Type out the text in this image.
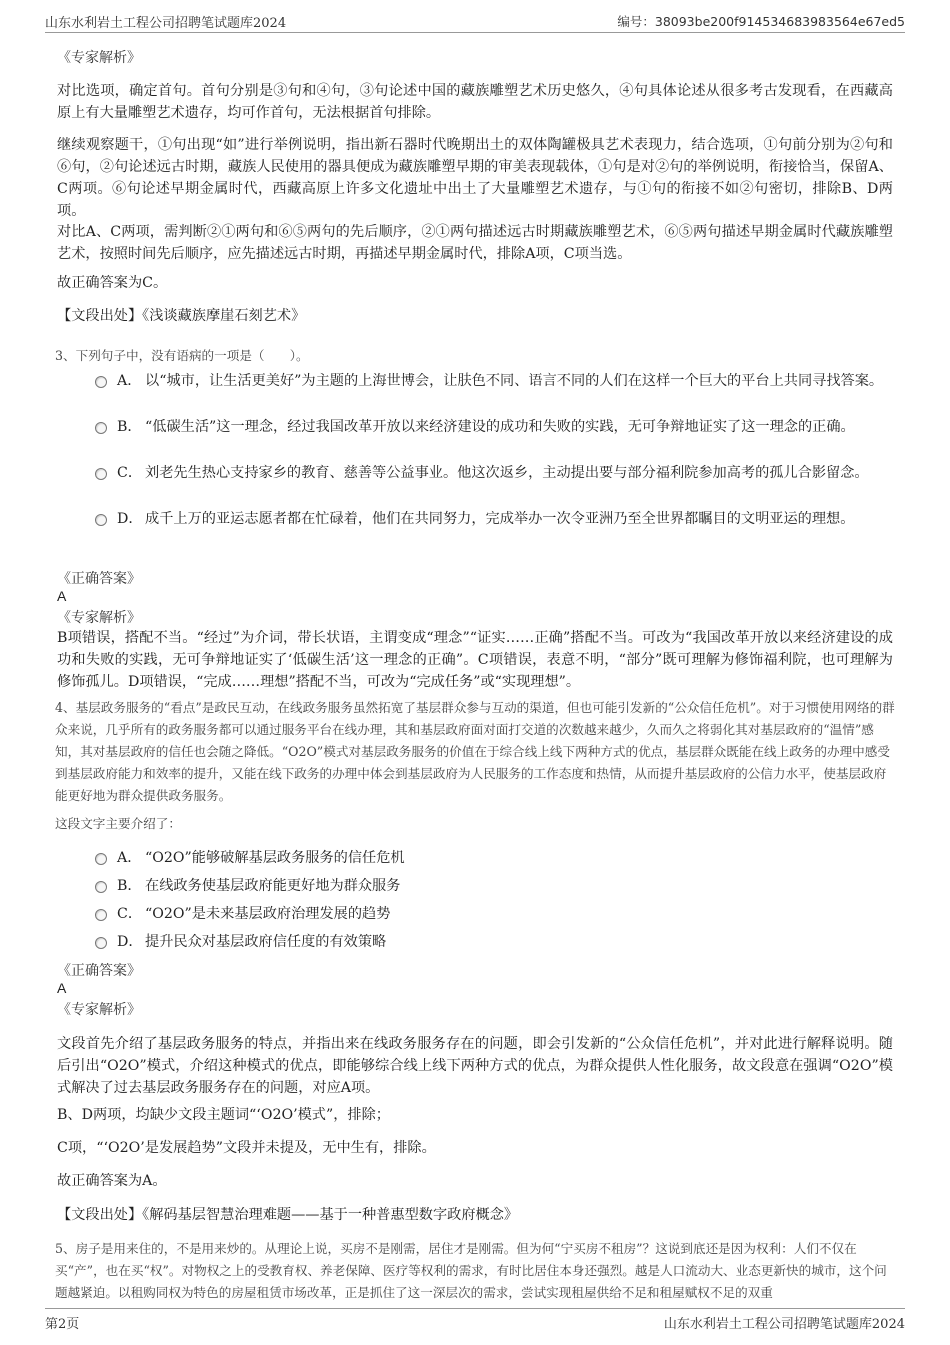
山东水利岩土工程公司招聘笔试题库2024	编号：38093be200f914534683983564e67ed5
《专家解析》
对比选项，确定首句。首句分别是③句和④句，③句论述中国的藏族雕塑艺术历史悠久，④句具体论述从很多考古发现看，在西藏高原上有大量雕塑艺术遗存，均可作首句，无法根据首句排除。
继续观察题干，①句出现“如”进行举例说明，指出新石器时代晚期出土的双体陶罐极具艺术表现力，结合选项，①句前分别为②句和⑥句，②句论述远古时期，藏族人民使用的器具便成为藏族雕塑早期的审美表现载体，①句是对②句的举例说明，衔接恰当，保留A、C两项。⑥句论述早期金属时代，西藏高原上许多文化遗址中出土了大量雕塑艺术遗存，与①句的衔接不如②句密切，排除B、D两项。
对比A、C两项，需判断②①两句和⑥⑤两句的先后顺序，②①两句描述远古时期藏族雕塑艺术，⑥⑤两句描述早期金属时代藏族雕塑艺术，按照时间先后顺序，应先描述远古时期，再描述早期金属时代，排除A项，C项当选。
故正确答案为C。
【文段出处】《浅谈藏族摩崖石刻艺术》
3、下列句子中，没有语病的一项是（　　）。
A． 以“城市，让生活更美好”为主题的上海世博会，让肤色不同、语言不同的人们在这样一个巨大的平台上共同寻找答案。
B． “低碳生活”这一理念，经过我国改革开放以来经济建设的成功和失败的实践，无可争辩地证实了这一理念的正确。
C． 刘老先生热心支持家乡的教育、慈善等公益事业。他这次返乡，主动提出要与部分福利院参加高考的孤儿合影留念。
D． 成千上万的亚运志愿者都在忙碌着，他们在共同努力，完成举办一次令亚洲乃至全世界都瞩目的文明亚运的理想。
《正确答案》
A
《专家解析》
B项错误，搭配不当。“经过”为介词，带长状语，主谓变成“理念”“证实……正确”搭配不当。可改为“我国改革开放以来经济建设的成功和失败的实践，无可争辩地证实了‘低碳生活’这一理念的正确”。C项错误，表意不明，“部分”既可理解为修饰福利院，也可理解为修饰孤儿。D项错误，“完成……理想”搭配不当，可改为“完成任务”或“实现理想”。
4、基层政务服务的“看点”是政民互动，在线政务服务虽然拓宽了基层群众参与互动的渠道，但也可能引发新的“公众信任危机”。对于习惯使用网络的群众来说，几乎所有的政务服务都可以通过服务平台在线办理，其和基层政府面对面打交道的次数越来越少，久而久之将弱化其对基层政府的“温情”感知，其对基层政府的信任也会随之降低。“O2O”模式对基层政务服务的价值在于综合线上线下两种方式的优点，基层群众既能在线上政务的办理中感受到基层政府能力和效率的提升，又能在线下政务的办理中体会到基层政府为人民服务的工作态度和热情，从而提升基层政府的公信力水平，使基层政府能更好地为群众提供政务服务。
这段文字主要介绍了：
A． “O2O”能够破解基层政务服务的信任危机
B． 在线政务使基层政府能更好地为群众服务
C． “O2O”是未来基层政府治理发展的趋势
D． 提升民众对基层政府信任度的有效策略
《正确答案》
A
《专家解析》
文段首先介绍了基层政务服务的特点，并指出来在线政务服务存在的问题，即会引发新的“公众信任危机”，并对此进行解释说明。随后引出“O2O”模式，介绍这种模式的优点，即能够综合线上线下两种方式的优点，为群众提供人性化服务，故文段意在强调“O2O”模式解决了过去基层政务服务存在的问题，对应A项。
B、D两项，均缺少文段主题词“‘O2O’模式”，排除；
C项，“‘O2O’是发展趋势”文段并未提及，无中生有，排除。
故正确答案为A。
【文段出处】《解码基层智慧治理难题——基于一种普惠型数字政府概念》
5、房子是用来住的，不是用来炒的。从理论上说，买房不是刚需，居住才是刚需。但为何“宁买房不租房”？这说到底还是因为权利：人们不仅在买“产”，也在买“权”。对物权之上的受教育权、养老保障、医疗等权利的需求，有时比居住本身还强烈。越是人口流动大、业态更新快的城市，这个问题越紧迫。以租购同权为特色的房屋租赁市场改革，正是抓住了这一深层次的需求，尝试实现租屋供给不足和租屋赋权不足的双重
第2页	山东水利岩土工程公司招聘笔试题库2024
